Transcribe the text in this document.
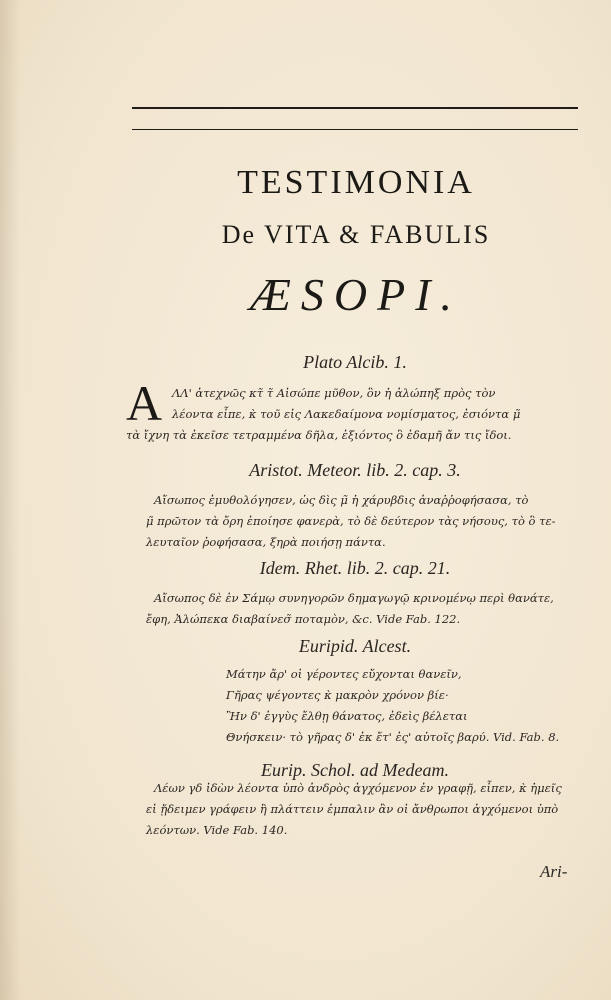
TESTIMONIA
De VITA & FABULIS
ÆSOPI.
Plato Alcib. 1.
A ΛΛ' ἀτεχνῶς κτ̃ τ̃ Αἰσώπε μῦθον, ὃν ἡ ἀλώπηξ πρὸς τὸν
λέοντα εἶπε, κ̀ τοῦ εἰς Λακεδαίμονα νομίσματος, ἐσιόντα μ̃
τὰ ἴχνη τὰ ἐκεῖσε τετραμμένα δῆλα, ἐξιόντος ὃ ἐδαμῆ ἄν τις ἴδοι.
Aristot. Meteor. lib. 2. cap. 3.
Αἴσωπος ἐμυθολόγησεν, ὡς δὶς μ̃ ἡ χάρυβδις ἀναῤῥοφήσασα, τὸ
μ̃ πρῶτον τὰ ὄρη ἐποίησε φανερὰ, τὸ δὲ δεύτερον τὰς νήσους, τὸ ὃ τε-
λευταῖον ῥοφήσασα, ξηρὰ ποιήσῃ πάντα.
Idem. Rhet. lib. 2. cap. 21.
Αἴσωπος δὲ ἐν Σάμῳ συνηγορῶν δημαγωγῷ κρινομένῳ περὶ θανάτε,
ἔφη, Ἀλώπεκα διαβαίνεσ̃ ποταμὸν, &c. Vide Fab. 122.
Euripid. Alcest.
Μάτην ἄρ' οἱ γέροντες εὔχονται θανεῖν,
Γῆρας ψέγοντες κ̀ μακρὸν χρόνον βίε·
Ἢν δ' ἐγγὺς ἔλθῃ θάνατος, ἐδεὶς βέλεται
Θνήσκειν· τὸ γῆρας δ' ἐκ ἔτ' ἐς' αὐτοῖς βαρύ. Vid. Fab. 8.
Eurip. Schol. ad Medeam.
Λέων γδ ἰδὼν λέοντα ὑπὸ ἀνδρὸς ἀγχόμενον ἐν γραφῇ, εἶπεν, κ̀ ἡμεῖς
εἰ ᾔδειμεν γράφειν ἢ πλάττειν ἐμπαλιν ἂν οἱ ἄνθρωποι ἀγχόμενοι ὑπὸ
λεόντων. Vide Fab. 140.
Ari-
